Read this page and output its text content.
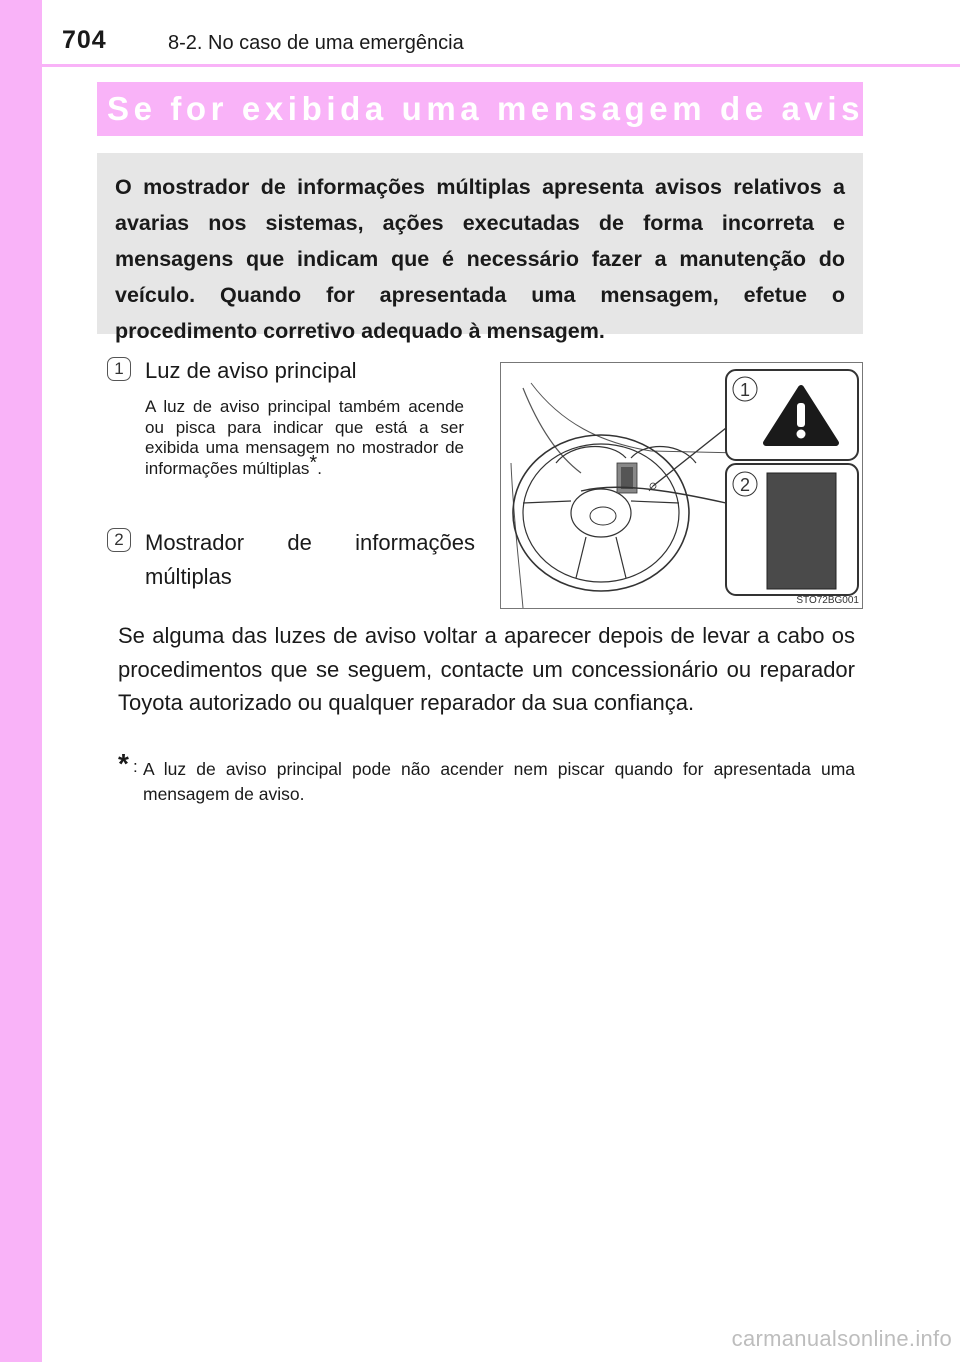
704	8-2. No caso de uma emergência
Se for exibida uma mensagem de aviso

O mostrador de informações múltiplas apresenta avisos relativos a avarias nos sistemas, ações executadas de forma incorreta e mensagens que indicam que é necessário fazer a manutenção do veículo. Quando for apresentada uma mensagem, efetue o procedimento corretivo adequado à mensagem.

1 Luz de aviso principal
A luz de aviso principal também acende ou pisca para indicar que está a ser exibida uma mensagem no mostrador de informações múltiplas*.
2 Mostrador de informações múltiplas
1
2
STO72BG001

Se alguma das luzes de aviso voltar a aparecer depois de levar a cabo os procedimentos que se seguem, contacte um concessionário ou reparador Toyota autorizado ou qualquer reparador da sua confiança.

* : A luz de aviso principal pode não acender nem piscar quando for apresentada uma mensagem de aviso.
carmanualsonline.info
